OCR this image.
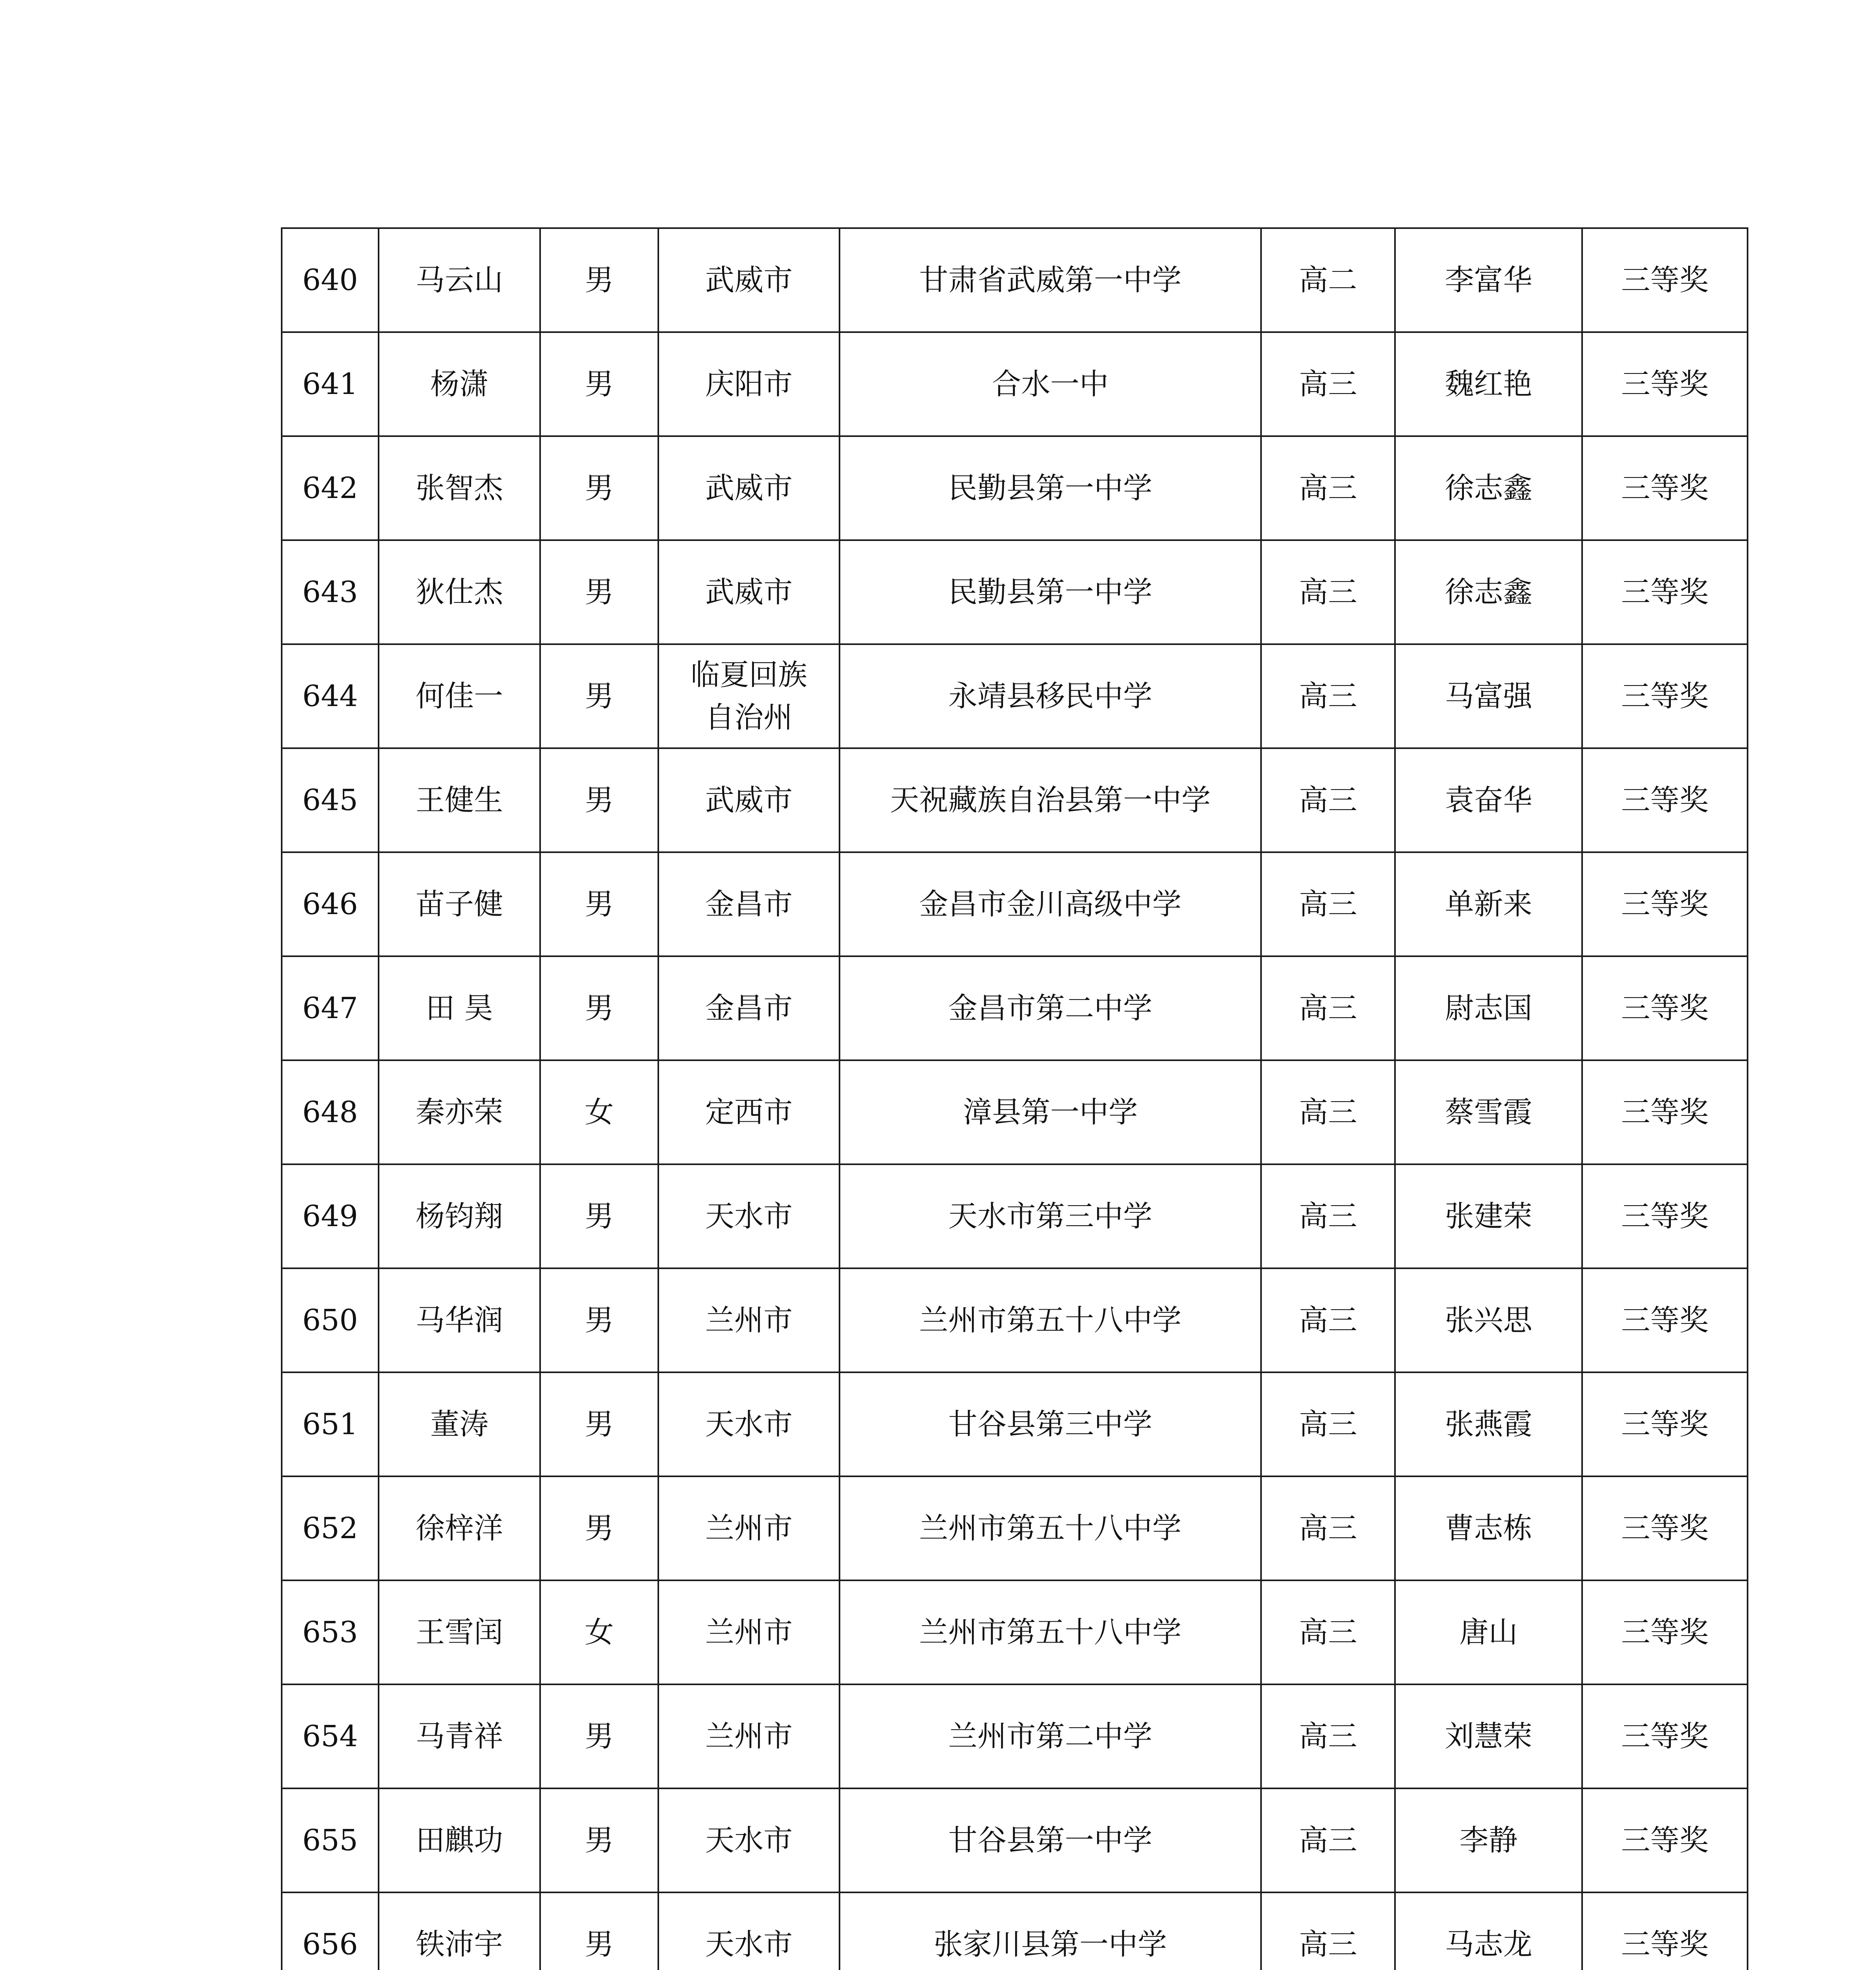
640	马云山	男	武威市	甘肃省武威第一中学	高二	李富华	三等奖
641	杨潇	男	庆阳市	合水一中	高三	魏红艳	三等奖
642	张智杰	男	武威市	民勤县第一中学	高三	徐志鑫	三等奖
643	狄仕杰	男	武威市	民勤县第一中学	高三	徐志鑫	三等奖
644	何佳一	男	临夏回族自治州	永靖县移民中学	高三	马富强	三等奖
645	王健生	男	武威市	天祝藏族自治县第一中学	高三	袁奋华	三等奖
646	苗子健	男	金昌市	金昌市金川高级中学	高三	单新来	三等奖
647	田 昊	男	金昌市	金昌市第二中学	高三	尉志国	三等奖
648	秦亦荣	女	定西市	漳县第一中学	高三	蔡雪霞	三等奖
649	杨钧翔	男	天水市	天水市第三中学	高三	张建荣	三等奖
650	马华润	男	兰州市	兰州市第五十八中学	高三	张兴思	三等奖
651	董涛	男	天水市	甘谷县第三中学	高三	张燕霞	三等奖
652	徐梓洋	男	兰州市	兰州市第五十八中学	高三	曹志栋	三等奖
653	王雪闰	女	兰州市	兰州市第五十八中学	高三	唐山	三等奖
654	马青祥	男	兰州市	兰州市第二中学	高三	刘慧荣	三等奖
655	田麒功	男	天水市	甘谷县第一中学	高三	李静	三等奖
656	铁沛宇	男	天水市	张家川县第一中学	高三	马志龙	三等奖
